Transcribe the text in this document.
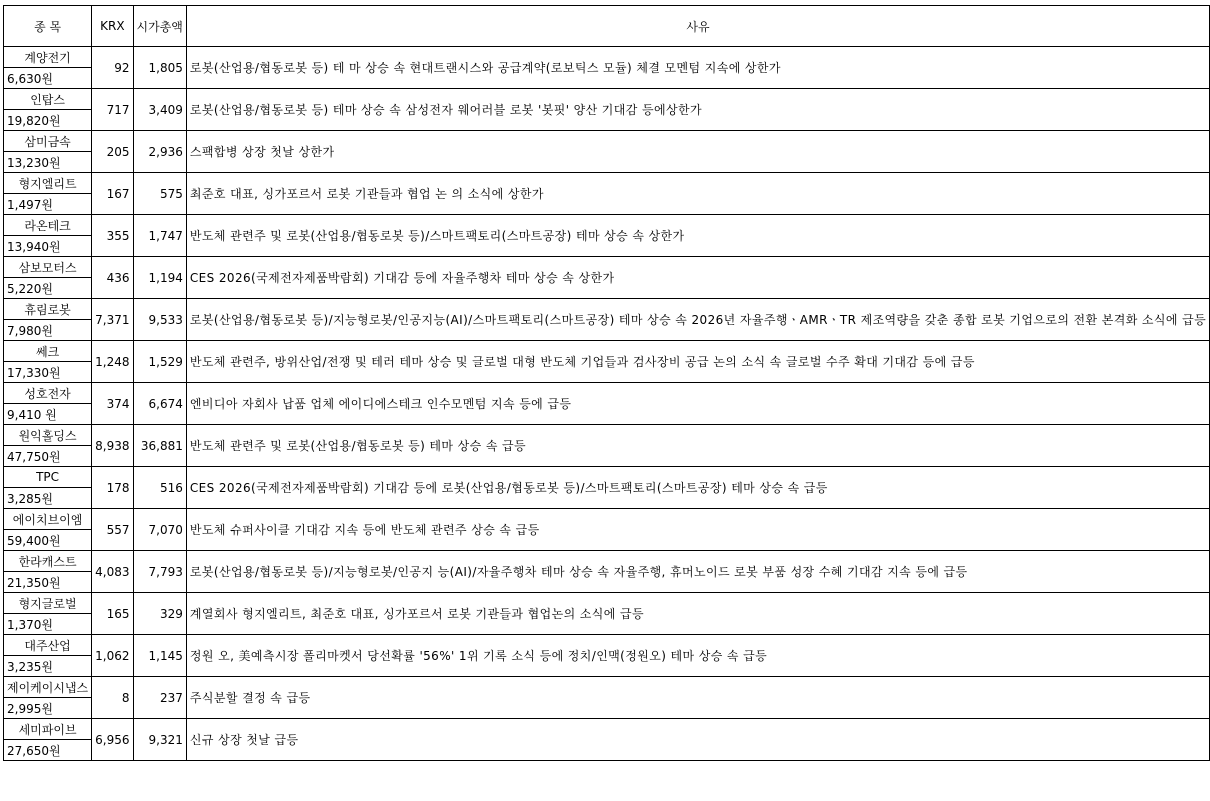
종 목	KRX	시가총액	사유
계양전기	92	1,805	로봇(산업용/협동로봇 등) 테 마 상승 속 현대트랜시스와 공급계약(로보틱스 모듈) 체결 모멘텀 지속에 상한가
6,630원			
인탑스	717	3,409	로봇(산업용/협동로봇 등) 테마 상승 속 삼성전자 웨어러블 로봇 '봇핏' 양산 기대감 등에상한가
19,820원			
삼미금속	205	2,936	스팩합병 상장 첫날 상한가
13,230원			
형지엘리트	167	575	최준호 대표, 싱가포르서 로봇 기관들과 협업 논 의 소식에 상한가
1,497원			
라온테크	355	1,747	반도체 관련주 및 로봇(산업용/협동로봇 등)/스마트팩토리(스마트공장) 테마 상승 속 상한가
13,940원			
삼보모터스	436	1,194	CES 2026(국제전자제품박람회) 기대감 등에 자율주행차 테마 상승 속 상한가
5,220원			
휴림로봇	7,371	9,533	로봇(산업용/협동로봇 등)/지능형로봇/인공지능(AI)/스마트팩토리(스마트공장) 테마 상승 속 2026년 자율주행ㆍAMRㆍTR 제조역량을 갖춘 종합 로봇 기업으로의 전환 본격화 소식에 급등
7,980원			
쎄크	1,248	1,529	반도체 관련주, 방위산업/전쟁 및 테러 테마 상승 및 글로벌 대형 반도체 기업들과 검사장비 공급 논의 소식 속 글로벌 수주 확대 기대감 등에 급등
17,330원			
성호전자	374	6,674	엔비디아 자회사 납품 업체 에이디에스테크 인수모멘텀 지속 등에 급등
9,410 원			
원익홀딩스	8,938	36,881	반도체 관련주 및 로봇(산업용/협동로봇 등) 테마 상승 속 급등
47,750원			
TPC	178	516	CES 2026(국제전자제품박람회) 기대감 등에 로봇(산업용/협동로봇 등)/스마트팩토리(스마트공장) 테마 상승 속 급등
3,285원			
에이치브이엠	557	7,070	반도체 슈퍼사이클 기대감 지속 등에 반도체 관련주 상승 속 급등
59,400원			
한라캐스트	4,083	7,793	로봇(산업용/협동로봇 등)/지능형로봇/인공지 능(AI)/자율주행차 테마 상승 속 자율주행, 휴머노이드 로봇 부품 성장 수혜 기대감 지속 등에 급등
21,350원			
형지글로벌	165	329	계열회사 형지엘리트, 최준호 대표, 싱가포르서 로봇 기관들과 협업논의 소식에 급등
1,370원			
대주산업	1,062	1,145	정원 오, 美예측시장 폴리마켓서 당선확률 '56%' 1위 기록 소식 등에 정치/인맥(정원오) 테마 상승 속 급등
3,235원			
제이케이시냅스	8	237	주식분할 결정 속 급등
2,995원			
세미파이브	6,956	9,321	신규 상장 첫날 급등
27,650원			
